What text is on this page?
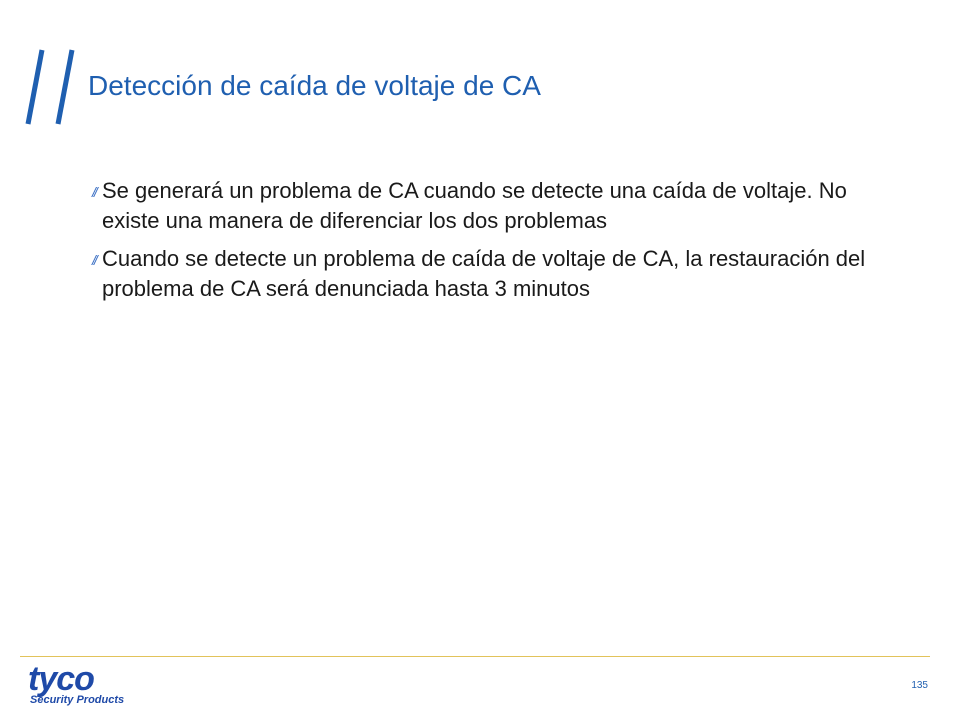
Detección de caída de voltaje de CA
// Se generará un problema de CA cuando se detecte una caída de voltaje. No existe una manera de diferenciar los dos problemas
// Cuando se detecte un problema de caída de voltaje de CA, la restauración del problema de CA será denunciada hasta 3 minutos
tyco
Security Products
135
